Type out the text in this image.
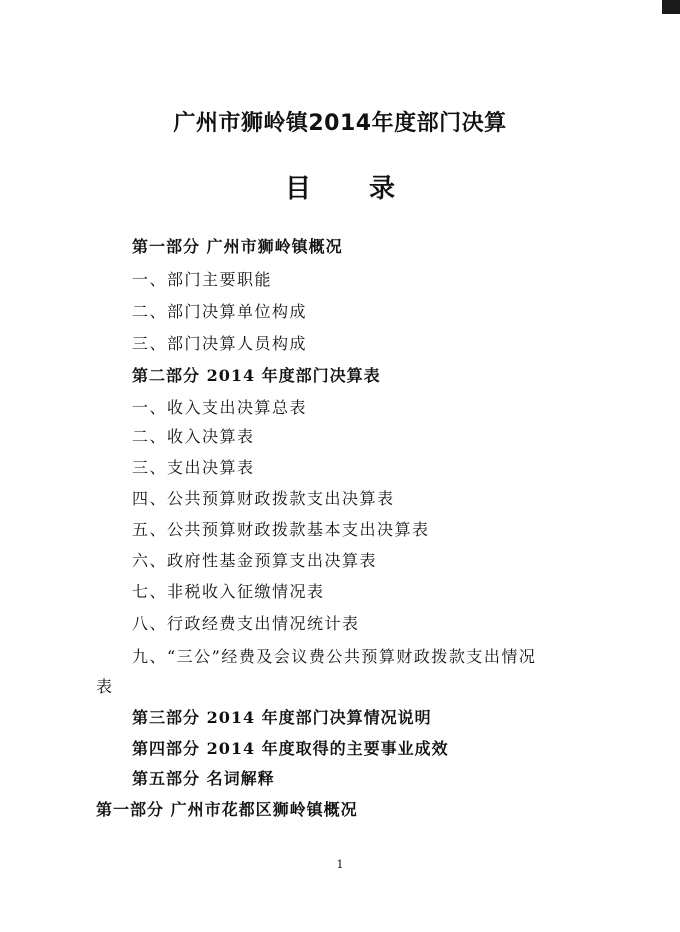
广州市狮岭镇2014年度部门决算
目 录
第一部分 广州市狮岭镇概况
一、部门主要职能
二、部门决算单位构成
三、部门决算人员构成
第二部分 2014 年度部门决算表
一、收入支出决算总表
二、收入决算表
三、支出决算表
四、公共预算财政拨款支出决算表
五、公共预算财政拨款基本支出决算表
六、政府性基金预算支出决算表
七、非税收入征缴情况表
八、行政经费支出情况统计表
九、“三公”经费及会议费公共预算财政拨款支出情况
表
第三部分 2014 年度部门决算情况说明
第四部分 2014 年度取得的主要事业成效
第五部分 名词解释
第一部分 广州市花都区狮岭镇概况
1
